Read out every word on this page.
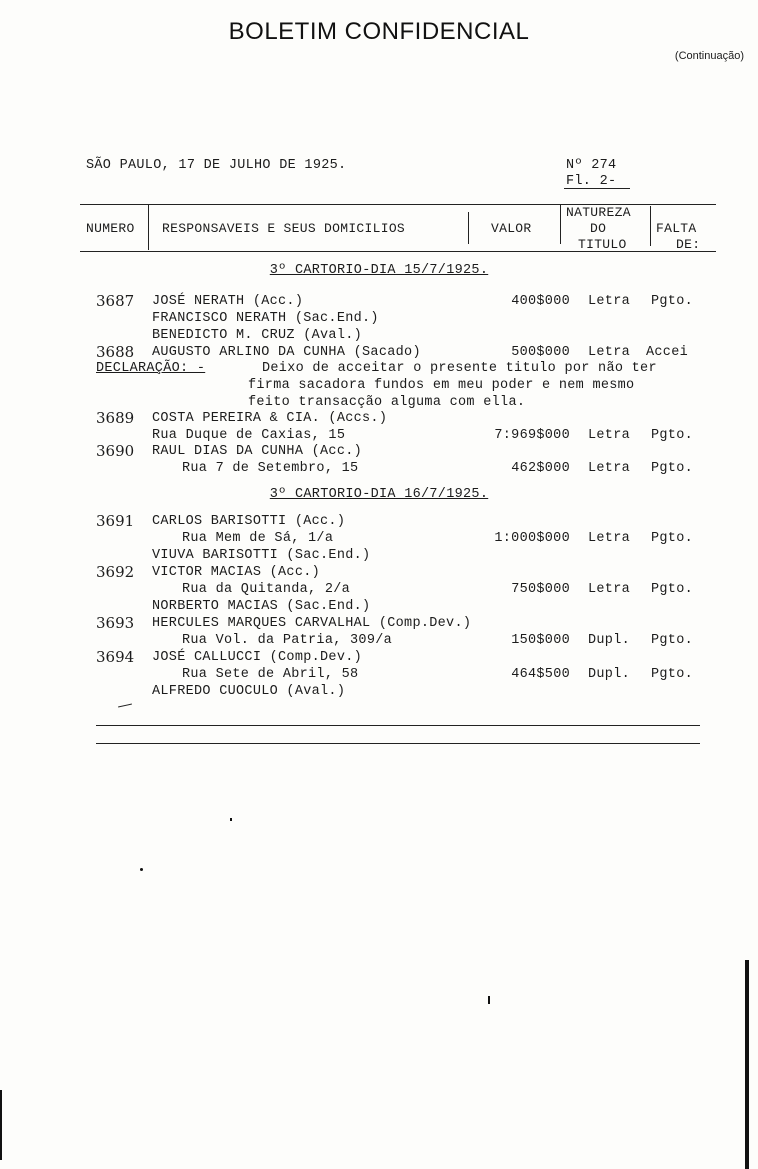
BOLETIM CONFIDENCIAL
(Continuação)
SÃO PAULO, 17 DE JULHO DE 1925.	Nº 274
Fl. 2-
NUMERO RESPONSAVEIS E SEUS DOMICILIOS	VALOR
NATUREZA
DO
TITULO
FALTA
DE:
3º CARTORIO-DIA 15/7/1925.
3687 JOSÉ NERATH (Acc.)	400$000 Letra Pgto.
FRANCISCO NERATH (Sac.End.)
BENEDICTO M. CRUZ (Aval.)
3688 AUGUSTO ARLINO DA CUNHA (Sacado)	500$000 Letra Accei
DECLARAÇÃO: -	Deixo de acceitar o presente titulo por não ter
firma sacadora fundos em meu poder e nem mesmo
feito transacção alguma com ella.
3689 COSTA PEREIRA & CIA. (Accs.)
Rua Duque de Caxias, 15	7:969$000 Letra Pgto.
3690 RAUL DIAS DA CUNHA (Acc.)
Rua 7 de Setembro, 15	462$000 Letra Pgto.
3º CARTORIO-DIA 16/7/1925.
3691 CARLOS BARISOTTI (Acc.)
Rua Mem de Sá, 1/a	1:000$000 Letra Pgto.
VIUVA BARISOTTI (Sac.End.)
3692 VICTOR MACIAS (Acc.)
Rua da Quitanda, 2/a	750$000 Letra Pgto.
NORBERTO MACIAS (Sac.End.)
3693 HERCULES MARQUES CARVALHAL (Comp.Dev.)
Rua Vol. da Patria, 309/a	150$000 Dupl. Pgto.
3694 JOSÉ CALLUCCI (Comp.Dev.)
Rua Sete de Abril, 58	464$500 Dupl. Pgto.
ALFREDO CUOCULO (Aval.)
